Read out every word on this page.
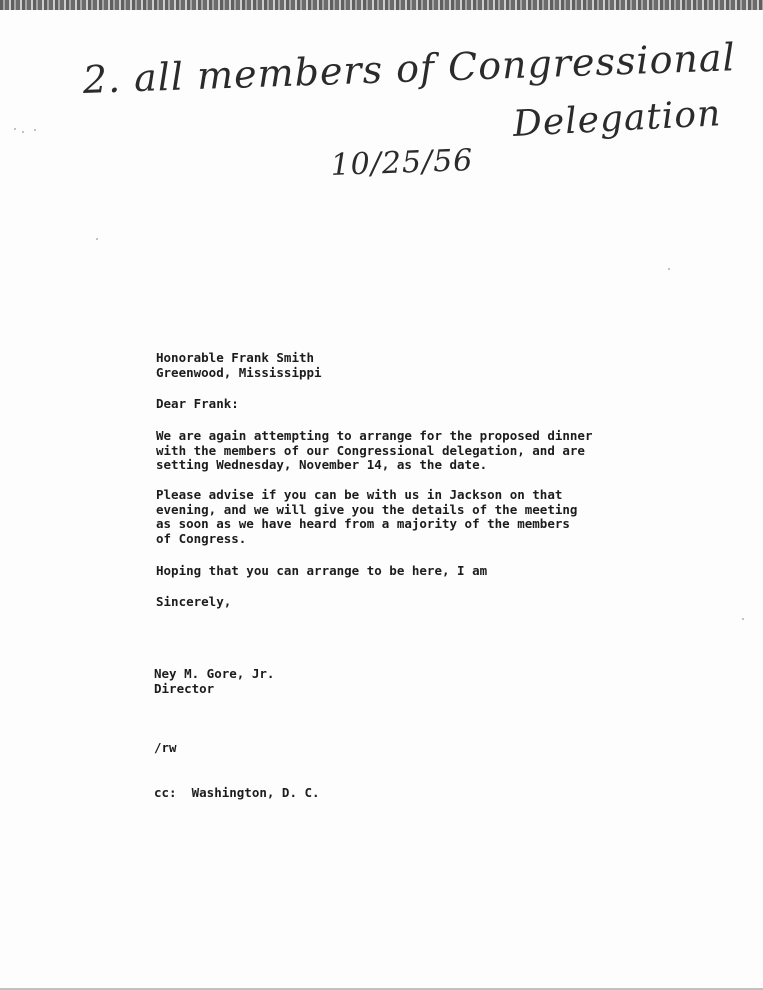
2. all members of Congressional
Delegation
10/25/56
Honorable Frank Smith
Greenwood, Mississippi
Dear Frank:
We are again attempting to arrange for the proposed dinner
with the members of our Congressional delegation, and are
setting Wednesday, November 14, as the date.
Please advise if you can be with us in Jackson on that
evening, and we will give you the details of the meeting
as soon as we have heard from a majority of the members
of Congress.
Hoping that you can arrange to be here, I am
Sincerely,
Ney M. Gore, Jr.
Director
/rw
cc:  Washington, D. C.
